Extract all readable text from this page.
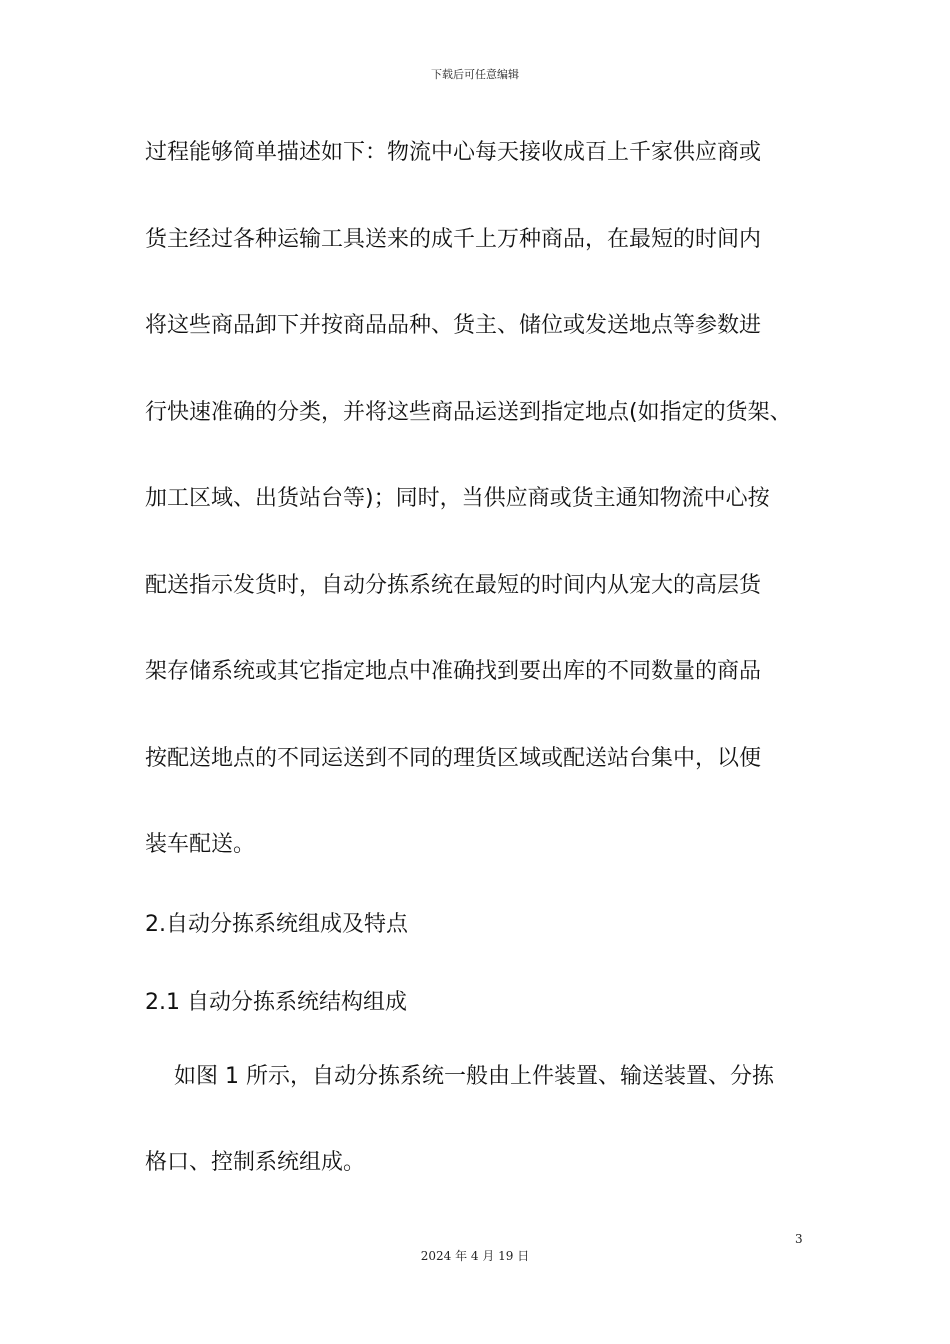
下载后可任意编辑
过程能够简单描述如下：物流中心每天接收成百上千家供应商或
货主经过各种运输工具送来的成千上万种商品，在最短的时间内
将这些商品卸下并按商品品种、货主、储位或发送地点等参数进
行快速准确的分类，并将这些商品运送到指定地点(如指定的货架、
加工区域、出货站台等)；同时，当供应商或货主通知物流中心按
配送指示发货时，自动分拣系统在最短的时间内从宠大的高层货
架存储系统或其它指定地点中准确找到要出库的不同数量的商品
按配送地点的不同运送到不同的理货区域或配送站台集中，以便
装车配送。
2.自动分拣系统组成及特点
2.1 自动分拣系统结构组成
如图 1 所示，自动分拣系统一般由上件装置、输送装置、分拣
格口、控制系统组成。
3
2024 年 4 月 19 日
